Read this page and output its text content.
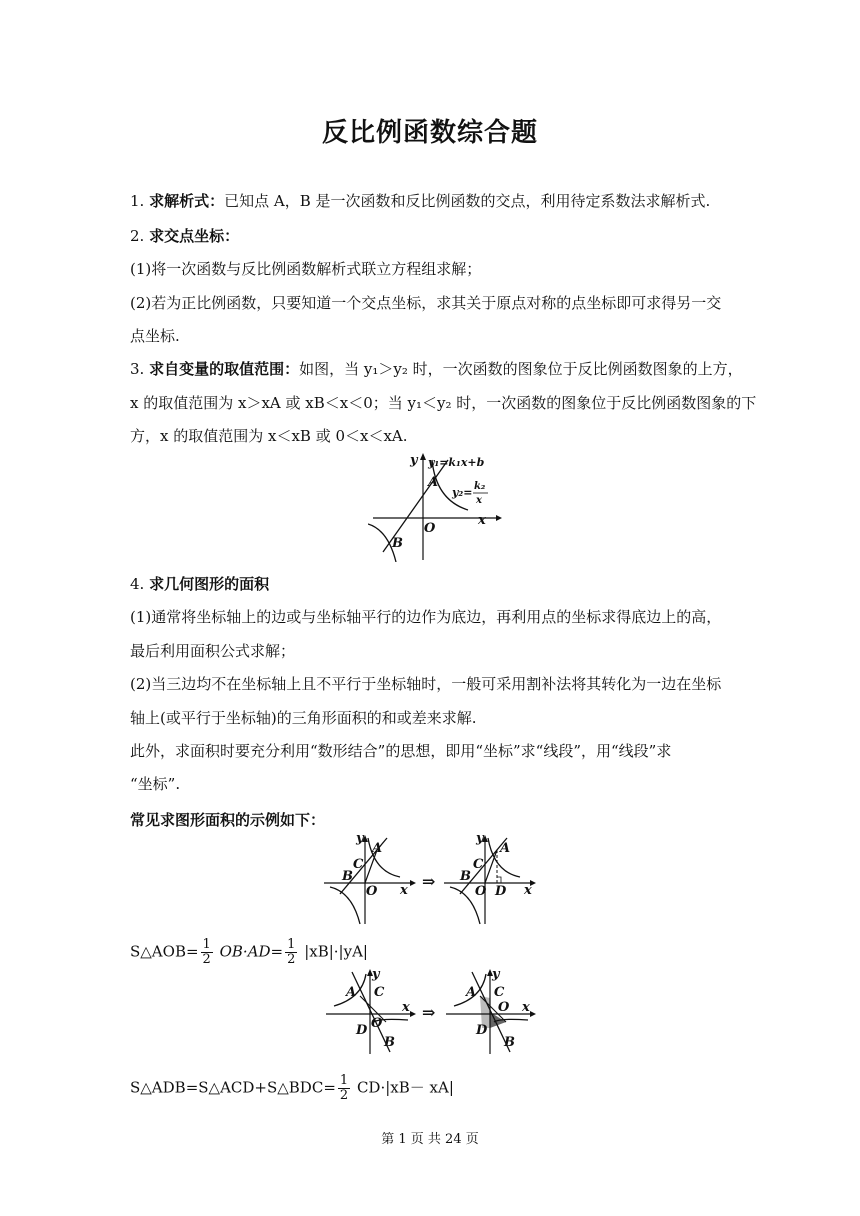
反比例函数综合题
1. 求解析式：已知点 A，B 是一次函数和反比例函数的交点，利用待定系数法求解析式.
2. 求交点坐标：
(1)将一次函数与反比例函数解析式联立方程组求解；
(2)若为正比例函数，只要知道一个交点坐标，求其关于原点对称的点坐标即可求得另一交
点坐标.
3. 求自变量的取值范围：如图，当 y₁＞y₂ 时，一次函数的图象位于反比例函数图象的上方，
x 的取值范围为 x＞xA 或 xB＜x＜0；当 y₁＜y₂ 时，一次函数的图象位于反比例函数图象的下
方，x 的取值范围为 x＜xB 或 0＜x＜xA.
y
x
O
A
B
y₁=k₁x+b
y₂= k₂
x
4. 求几何图形的面积
(1)通常将坐标轴上的边或与坐标轴平行的边作为底边，再利用点的坐标求得底边上的高，
最后利用面积公式求解；
(2)当三边均不在坐标轴上且不平行于坐标轴时，一般可采用割补法将其转化为一边在坐标
轴上(或平行于坐标轴)的三角形面积的和或差来求解.
此外，求面积时要充分利用“数形结合”的思想，即用“坐标”求“线段”，用“线段”求
“坐标”.
常见求图形面积的示例如下：
y
x
O
A
B
C
⇒
y
x
O
A
B
C
D
S△AOB= $\frac{1}{2} OB\cdot AD= \frac{1}{2} |xB|\cdot|yA|$
y
x
O
A
B
C
D
⇒
y
x
O
A
B
C
D
S△ADB=S△ACD+S△BDC= $\frac{1}{2} CD\cdot|xB- xA|$
第 1 页 共 24 页
